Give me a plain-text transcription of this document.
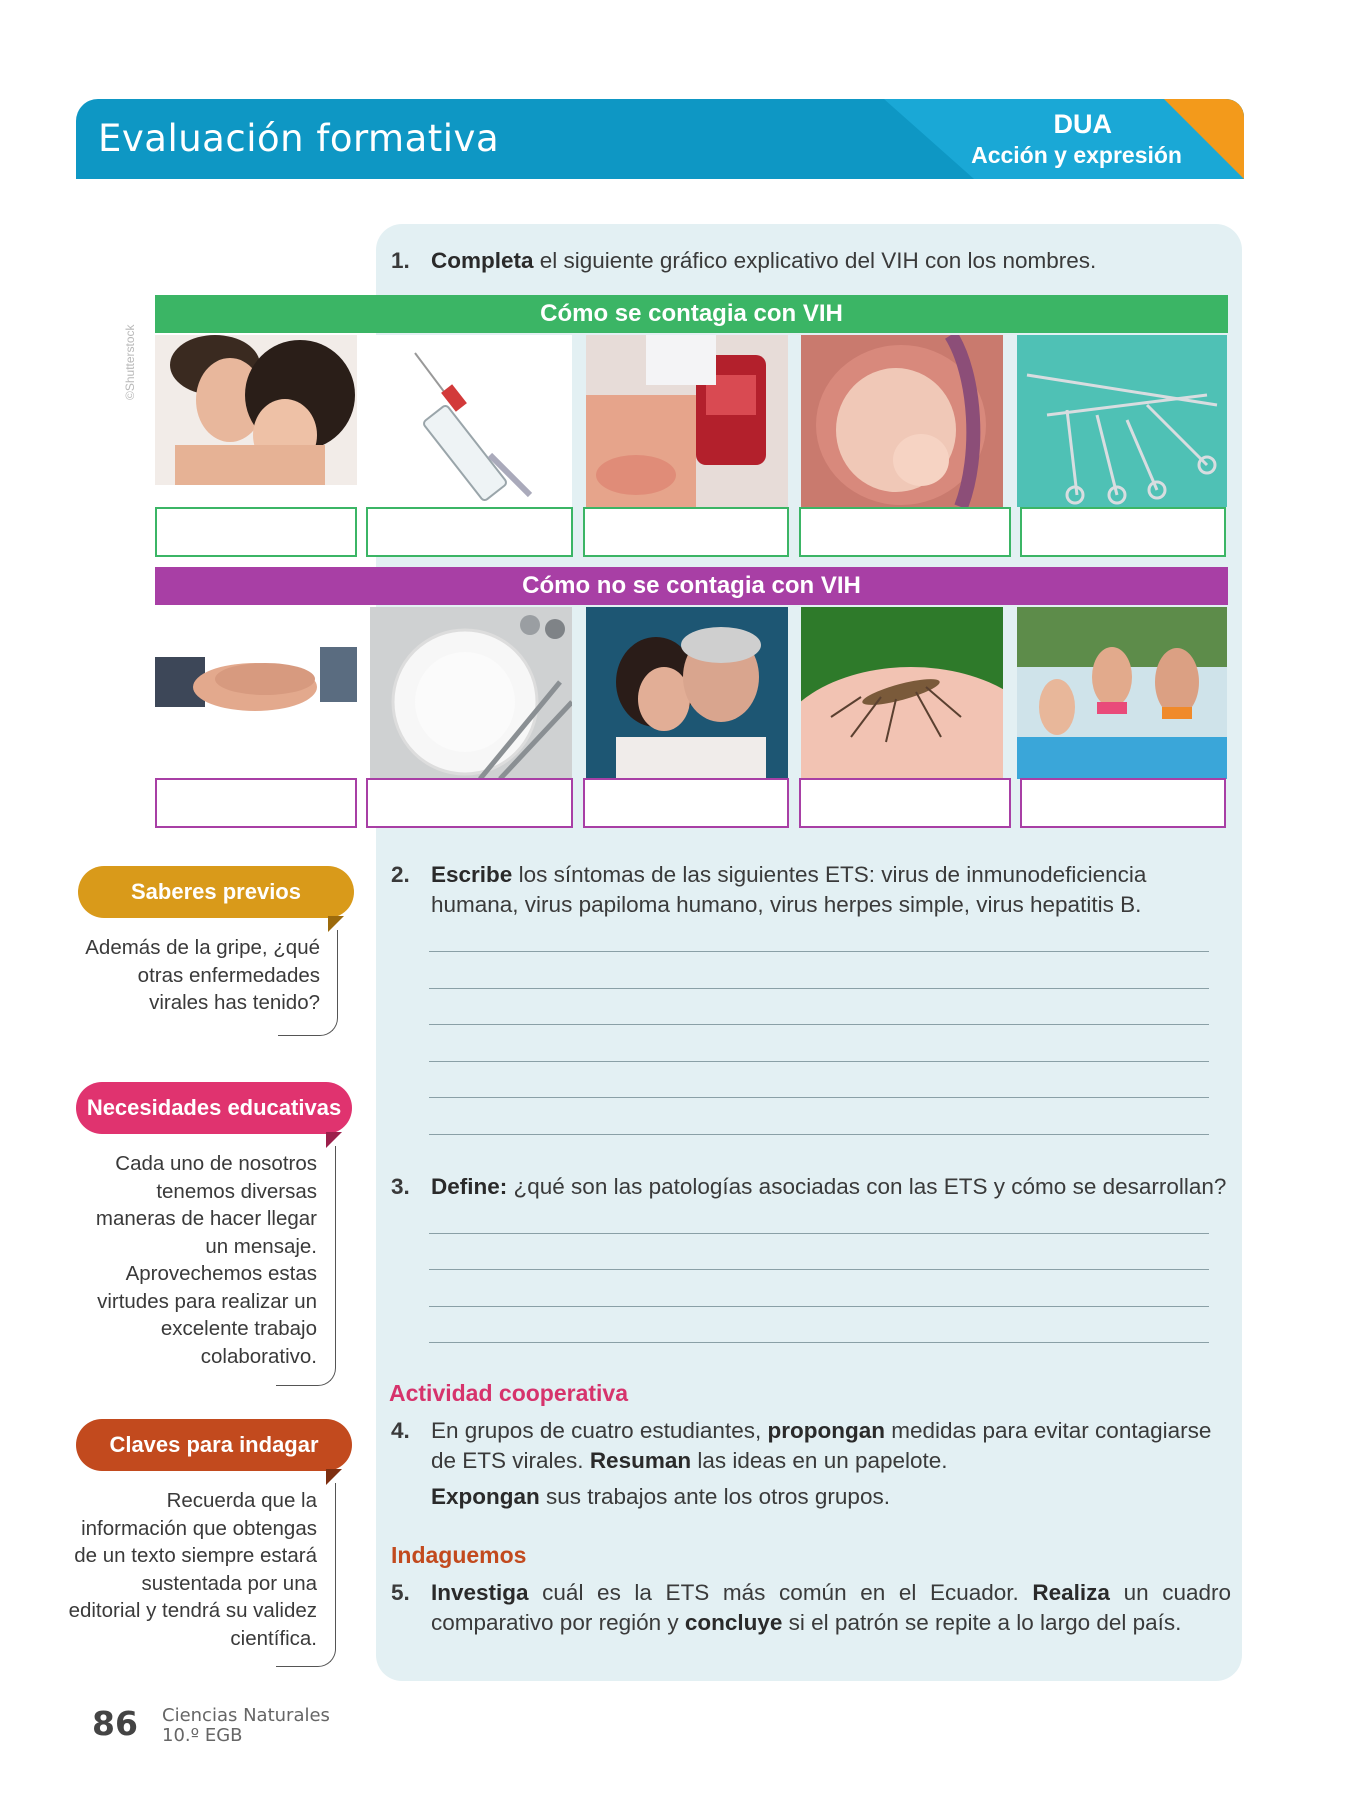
Evaluación formativa	DUA
Acción y expresión
1. Completa el siguiente gráfico explicativo del VIH con los nombres.
©Shutterstock
Cómo se contagia con VIH
Cómo no se contagia con VIH
2. Escribe los síntomas de las siguientes ETS: virus de inmunodeficiencia humana, virus papiloma humano, virus herpes simple, virus hepatitis B.
3. Define: ¿qué son las patologías asociadas con las ETS y cómo se desarrollan?
Actividad cooperativa
4. En grupos de cuatro estudiantes, propongan medidas para evitar contagiarse de ETS virales. Resuman las ideas en un papelote.
Expongan sus trabajos ante los otros grupos.
Indaguemos
5. Investiga cuál es la ETS más común en el Ecuador. Realiza un cuadro comparativo por región y concluye si el patrón se repite a lo largo del país.
Saberes previos
Además de la gripe, ¿qué otras enfermedades virales has tenido?
Necesidades educativas
Cada uno de nosotros tenemos diversas maneras de hacer llegar un mensaje. Aprovechemos estas virtudes para realizar un excelente trabajo colaborativo.
Claves para indagar
Recuerda que la información que obtengas de un texto siempre estará sustentada por una editorial y tendrá su validez científica.
86 Ciencias Naturales
10.º EGB
